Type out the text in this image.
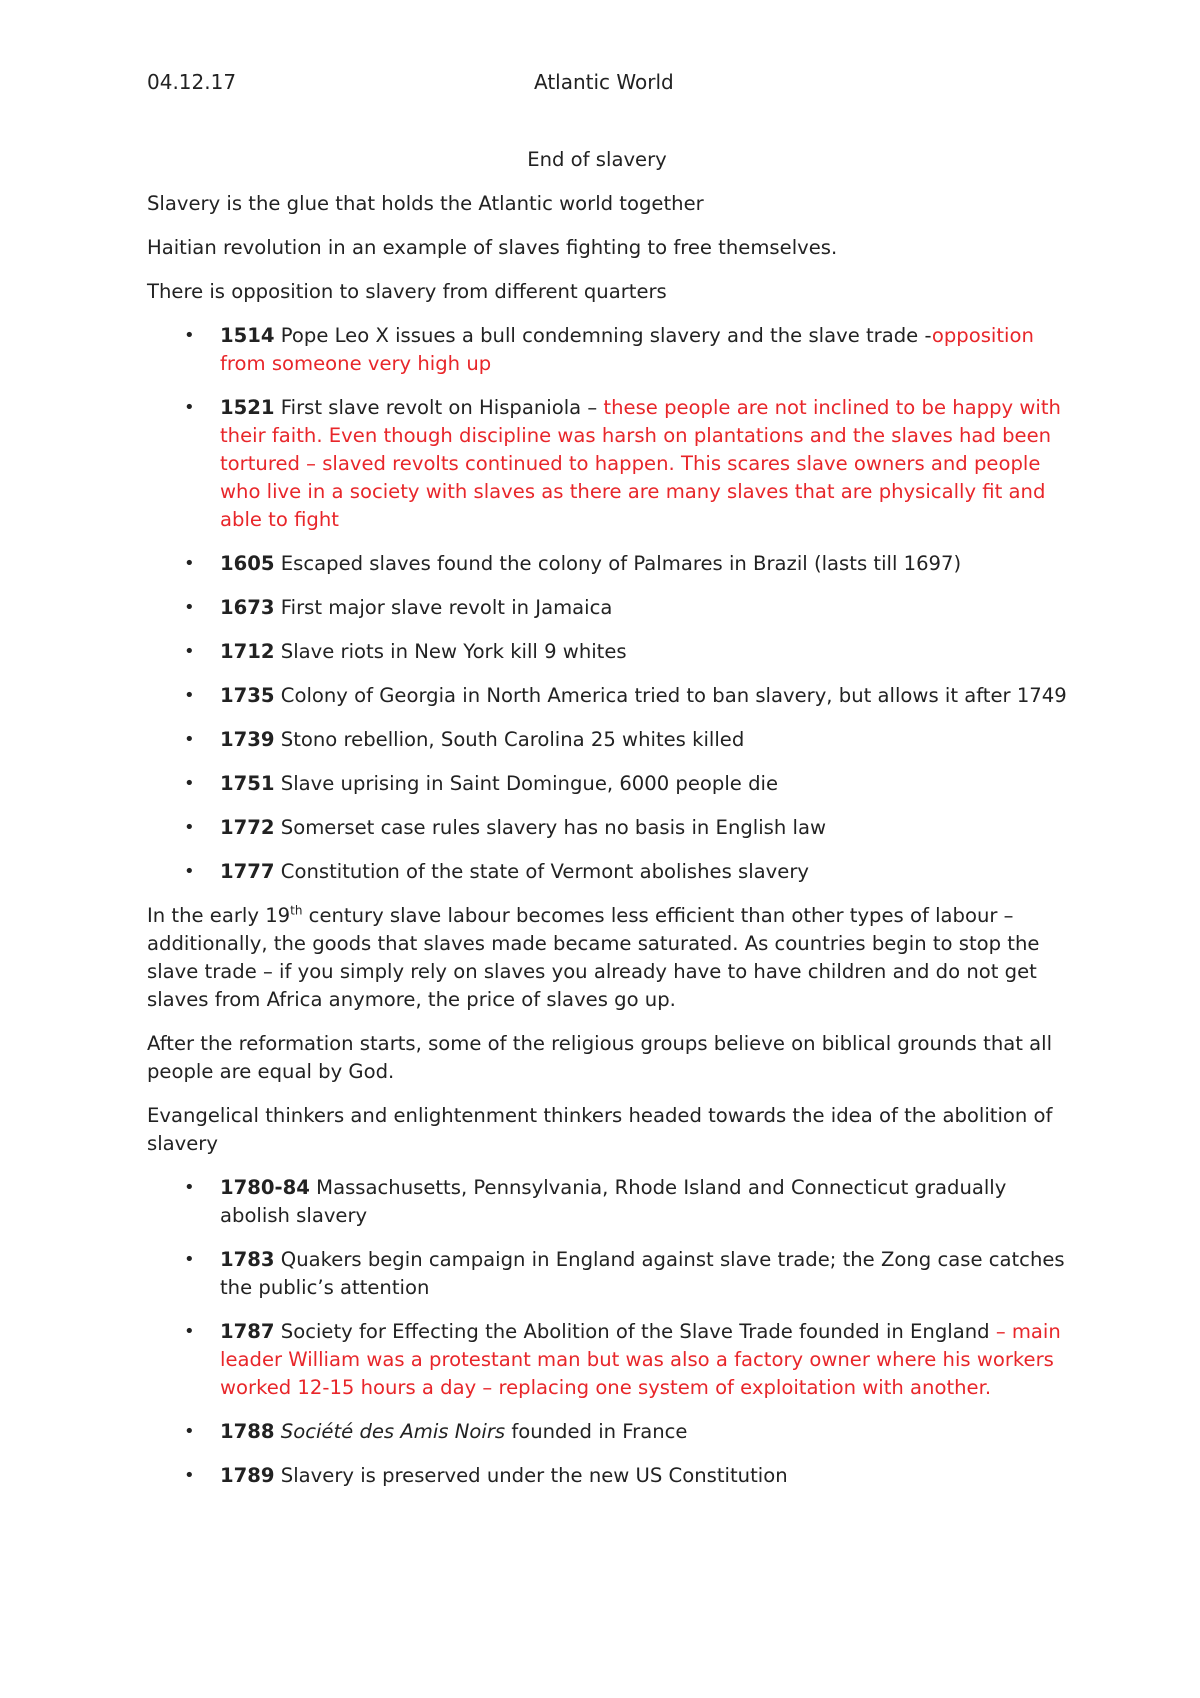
04.12.17	Atlantic World

End of slavery

Slavery is the glue that holds the Atlantic world together

Haitian revolution in an example of slaves fighting to free themselves.

There is opposition to slavery from different quarters

• 1514 Pope Leo X issues a bull condemning slavery and the slave trade -opposition from someone very high up
• 1521 First slave revolt on Hispaniola – these people are not inclined to be happy with their faith. Even though discipline was harsh on plantations and the slaves had been tortured – slaved revolts continued to happen. This scares slave owners and people who live in a society with slaves as there are many slaves that are physically fit and able to fight
• 1605 Escaped slaves found the colony of Palmares in Brazil (lasts till 1697)
• 1673 First major slave revolt in Jamaica
• 1712 Slave riots in New York kill 9 whites
• 1735 Colony of Georgia in North America tried to ban slavery, but allows it after 1749
• 1739 Stono rebellion, South Carolina 25 whites killed
• 1751 Slave uprising in Saint Domingue, 6000 people die
• 1772 Somerset case rules slavery has no basis in English law
• 1777 Constitution of the state of Vermont abolishes slavery

In the early 19th century slave labour becomes less efficient than other types of labour – additionally, the goods that slaves made became saturated. As countries begin to stop the slave trade – if you simply rely on slaves you already have to have children and do not get slaves from Africa anymore, the price of slaves go up.

After the reformation starts, some of the religious groups believe on biblical grounds that all people are equal by God.

Evangelical thinkers and enlightenment thinkers headed towards the idea of the abolition of slavery

• 1780-84 Massachusetts, Pennsylvania, Rhode Island and Connecticut gradually abolish slavery
• 1783 Quakers begin campaign in England against slave trade; the Zong case catches the public’s attention
• 1787 Society for Effecting the Abolition of the Slave Trade founded in England – main leader William was a protestant man but was also a factory owner where his workers worked 12-15 hours a day – replacing one system of exploitation with another.
• 1788 Société des Amis Noirs founded in France
• 1789 Slavery is preserved under the new US Constitution
